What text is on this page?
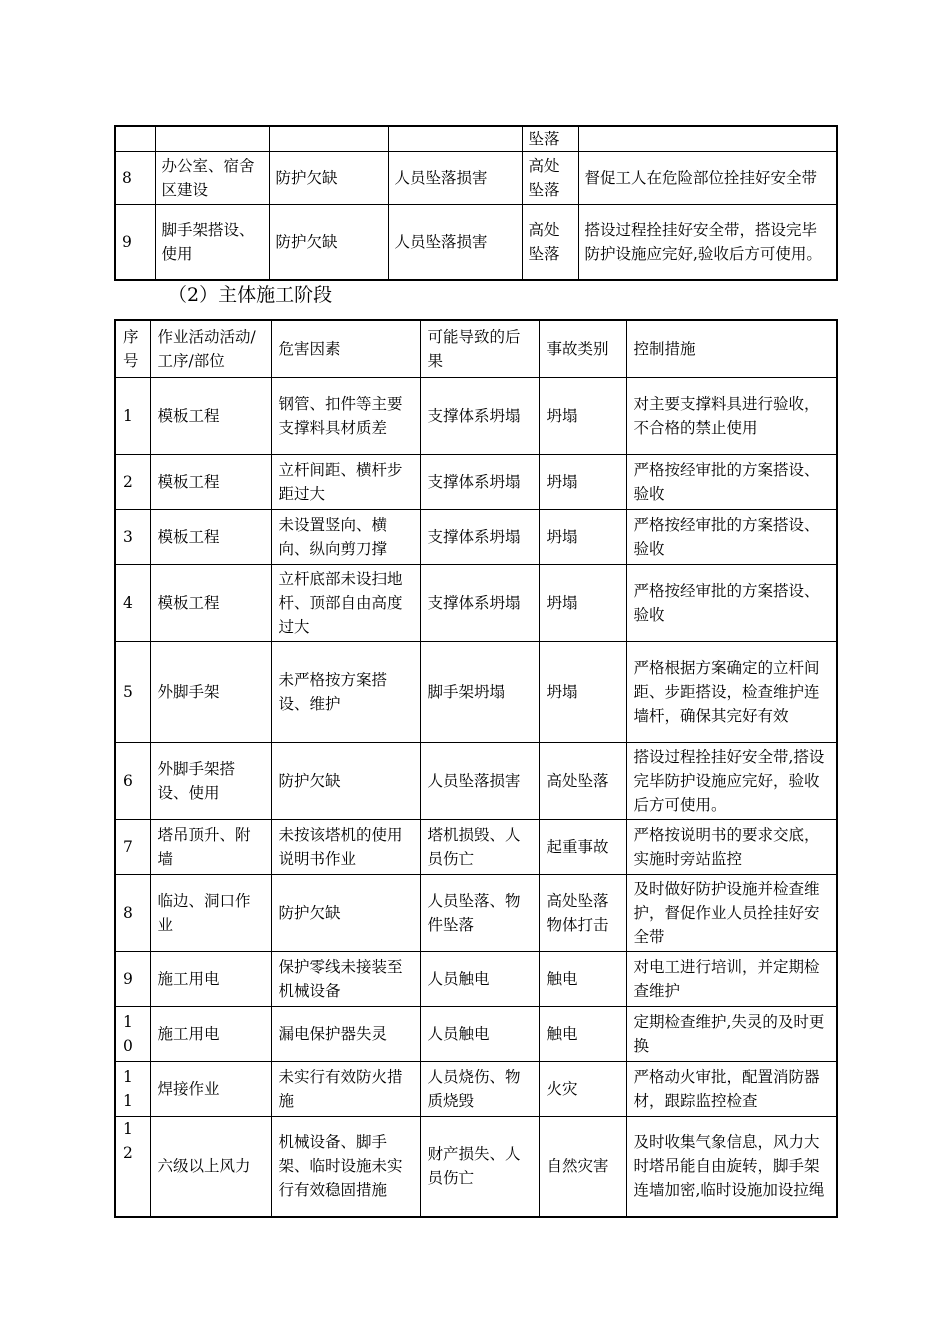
				坠落	
8	办公室、宿舍区建设	防护欠缺	人员坠落损害	高处坠落	督促工人在危险部位拴挂好安全带
9	脚手架搭设、使用	防护欠缺	人员坠落损害	高处坠落	搭设过程拴挂好安全带，搭设完毕防护设施应完好,验收后方可使用。
（2）主体施工阶段
序号	作业活动活动/工序/部位	危害因素	可能导致的后果	事故类别	控制措施
1	模板工程	钢管、扣件等主要支撑料具材质差	支撑体系坍塌	坍塌	对主要支撑料具进行验收，不合格的禁止使用
2	模板工程	立杆间距、横杆步距过大	支撑体系坍塌	坍塌	严格按经审批的方案搭设、验收
3	模板工程	未设置竖向、横向、纵向剪刀撑	支撑体系坍塌	坍塌	严格按经审批的方案搭设、验收
4	模板工程	立杆底部未设扫地杆、顶部自由高度过大	支撑体系坍塌	坍塌	严格按经审批的方案搭设、验收
5	外脚手架	未严格按方案搭设、维护	脚手架坍塌	坍塌	严格根据方案确定的立杆间距、步距搭设，检查维护连墙杆，确保其完好有效
6	外脚手架搭设、使用	防护欠缺	人员坠落损害	高处坠落	搭设过程拴挂好安全带,搭设完毕防护设施应完好，验收后方可使用。
7	塔吊顶升、附墙	未按该塔机的使用说明书作业	塔机损毁、人员伤亡	起重事故	严格按说明书的要求交底，实施时旁站监控
8	临边、洞口作业	防护欠缺	人员坠落、物件坠落	高处坠落物体打击	及时做好防护设施并检查维护，督促作业人员拴挂好安全带
9	施工用电	保护零线未接装至机械设备	人员触电	触电	对电工进行培训，并定期检查维护
10	施工用电	漏电保护器失灵	人员触电	触电	定期检查维护,失灵的及时更换
11	焊接作业	未实行有效防火措施	人员烧伤、物质烧毁	火灾	严格动火审批，配置消防器材，跟踪监控检查
12	六级以上风力	机械设备、脚手架、临时设施未实行有效稳固措施	财产损失、人员伤亡	自然灾害	及时收集气象信息，风力大时塔吊能自由旋转，脚手架连墙加密,临时设施加设拉绳
